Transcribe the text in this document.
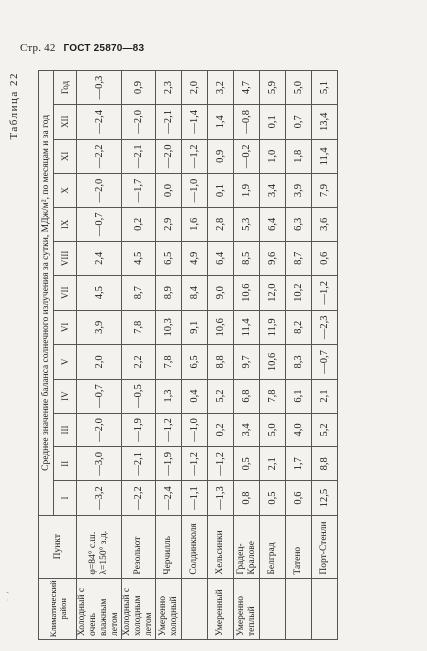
Стр. 42 ГОСТ 25870—83
Таблица 22
Климатический район	Пункт	Среднее значение баланса солнечного излучения за сутки, МДж/м², по месяцам и за год												
		I	II	III	IV	V	VI	VII	VIII	IX	X	XI	XII	Год
Холодный с очень влажным летом	φ=84° с.ш. λ=150° з.д.	—3,2	—3,0	—2,0	—0,7	2,0	3,9	4,5	2,4	—0,7	—2,0	—2,2	—2,4	—0,3
Холодный с холодным летом	Резольют	—2,2	—2,1	—1,9	—0,5	2,2	7,8	8,7	4,5	0,2	—1,7	—2,1	—2,0	0,9
Умеренно холодный	Черчилль	—2,4	—1,9	—1,2	1,3	7,8	10,3	8,9	6,5	2,9	0,0	—2,0	—2,1	2,3
	Солдинкюля	—1,1	—1,2	—1,0	0,4	6,5	9,1	8,4	4,9	1,6	—1,0	—1,2	—1,4	2,0
Умеренный	Хельсинки	—1,3	—1,2	0,2	5,2	8,8	10,6	9,0	6,4	2,8	0,1	0,9	1,4	3,2
Умеренно теплый	Градец-Кралове	0,8	0,5	3,4	6,8	9,7	11,4	10,6	8,5	5,3	1,9	—0,2	—0,8	4,7
	Белград	0,5	2,1	5,0	7,8	10,6	11,9	12,0	9,6	6,4	3,4	1,0	0,1	5,9
	Татено	0,6	1,7	4,0	6,1	8,3	8,2	10,2	8,7	6,3	3,9	1,8	0,7	5,0
	Порт-Стенли	12,5	8,8	5,2	2,1	—0,7	—2,3	—1,2	0,6	3,6	7,9	11,4	13,4	5,1
ʼ
·
